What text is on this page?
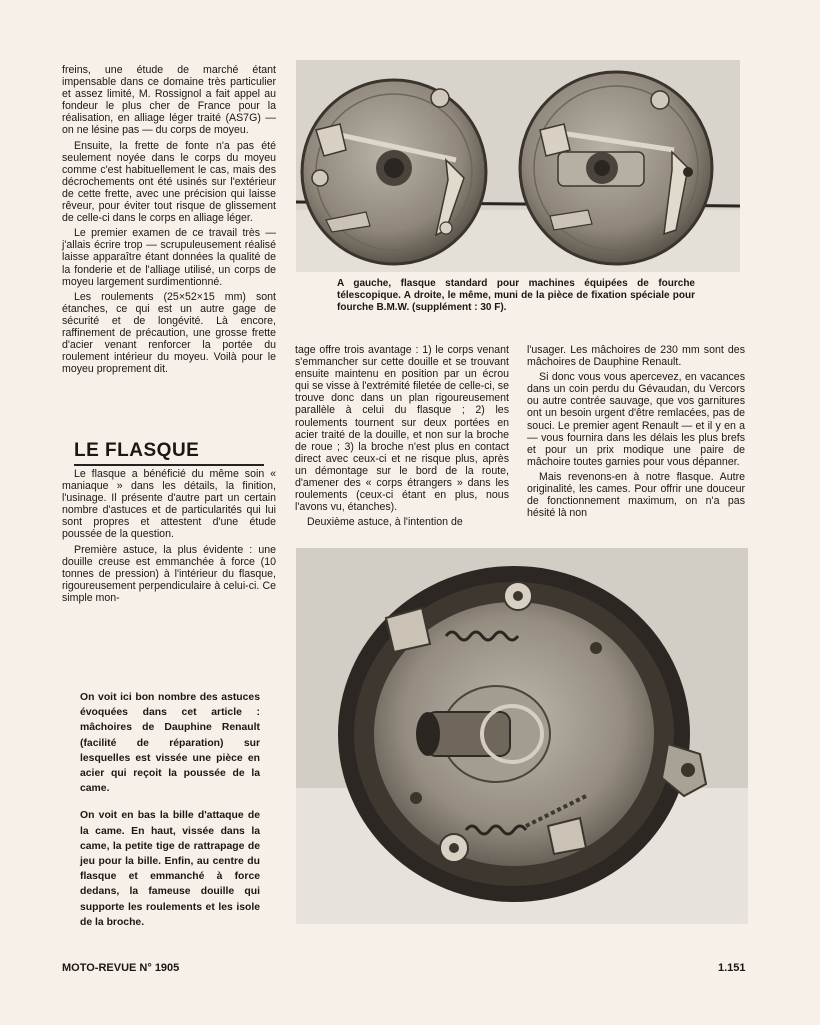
freins, une étude de marché étant impensable dans ce domaine très particulier et assez limité, M. Rossignol a fait appel au fondeur le plus cher de France pour la réalisation, en alliage léger traité (AS7G) — on ne lésine pas — du corps de moyeu.

Ensuite, la frette de fonte n'a pas été seulement noyée dans le corps du moyeu comme c'est habituellement le cas, mais des décrochements ont été usinés sur l'extérieur de cette frette, avec une précision qui laisse rêveur, pour éviter tout risque de glissement de celle-ci dans le corps en alliage léger.

Le premier examen de ce travail très — j'allais écrire trop — scrupuleusement réalisé laisse apparaître étant données la qualité de la fonderie et de l'alliage utilisé, un corps de moyeu largement surdimentionné.

Les roulements (25×52×15 mm) sont étanches, ce qui est un autre gage de sécurité et de longévité. Là encore, raffinement de précaution, une grosse frette d'acier venant renforcer la portée du roulement intérieur du moyeu. Voilà pour le moyeu proprement dit.

LE FLASQUE

Le flasque a bénéficié du même soin « maniaque » dans les détails, la finition, l'usinage. Il présente d'autre part un certain nombre d'astuces et de particularités qui lui sont propres et attestent d'une étude poussée de la question.

Première astuce, la plus évidente : une douille creuse est emmanchée à force (10 tonnes de pression) à l'intérieur du flasque, rigoureusement perpendiculaire à celui-ci. Ce simple mon-

tage offre trois avantage : 1) le corps venant s'emmancher sur cette douille et se trouvant ensuite maintenu en position par un écrou qui se visse à l'extrémité filetée de celle-ci, se trouve donc dans un plan rigoureusement parallèle à celui du flasque ; 2) les roulements tournent sur deux portées en acier traité de la douille, et non sur la broche de roue ; 3) la broche n'est plus en contact direct avec ceux-ci et ne risque plus, après un démontage sur le bord de la route, d'amener des « corps étrangers » dans les roulements (ceux-ci étant en plus, nous l'avons vu, étanches).

Deuxième astuce, à l'intention de

l'usager. Les mâchoires de 230 mm sont des mâchoires de Dauphine Renault.

Si donc vous vous apercevez, en vacances dans un coin perdu du Gévaudan, du Vercors ou autre contrée sauvage, que vos garnitures ont un besoin urgent d'être remlacées, pas de souci. Le premier agent Renault — et il y en a — vous fournira dans les délais les plus brefs et pour un prix modique une paire de mâchoire toutes garnies pour vous dépanner.

Mais revenons-en à notre flasque. Autre originalité, les cames. Pour offrir une douceur de fonctionnement maximum, on n'a pas hésité là non

A gauche, flasque standard pour machines équipées de fourche télescopique. A droite, le même, muni de la pièce de fixation spéciale pour fourche B.M.W. (supplément : 30 F).

On voit ici bon nombre des astuces évoquées dans cet article : mâchoires de Dauphine Renault (facilité de réparation) sur lesquelles est vissée une pièce en acier qui reçoit la poussée de la came.

On voit en bas la bille d'attaque de la came. En haut, vissée dans la came, la petite tige de rattrapage de jeu pour la bille. Enfin, au centre du flasque et emmanché à force dedans, la fameuse douille qui supporte les roulements et les isole de la broche.

MOTO-REVUE N° 1905	1.151
